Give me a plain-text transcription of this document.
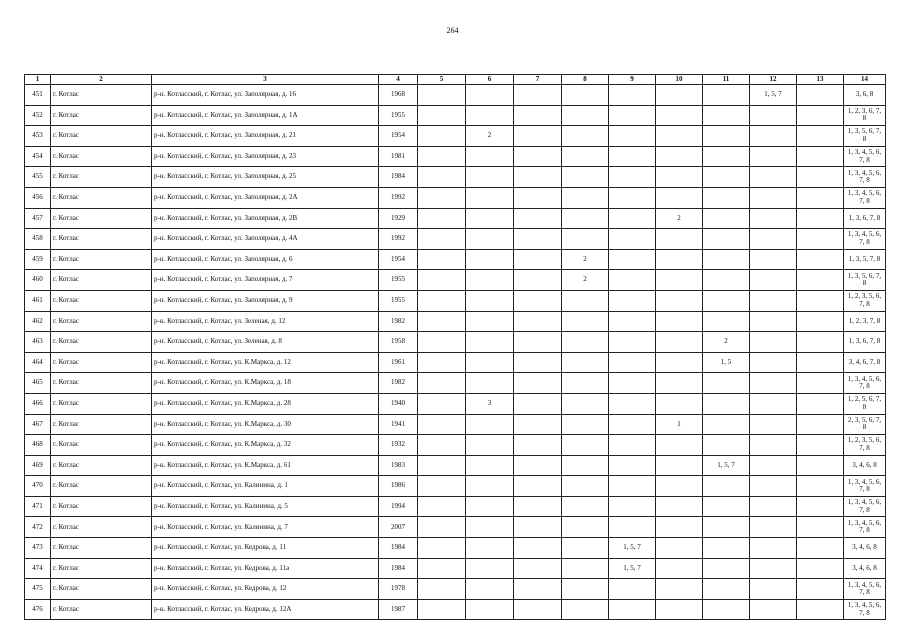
264
1	2	3	4	5	6	7	8	9	10	11	12	13	14
451	г. Котлас	р-н. Котласский, г. Котлас, ул. Заполярная, д. 16	1968								1, 5, 7		3, 6, 8
452	г. Котлас	р-н. Котласский, г. Котлас, ул. Заполярная, д. 1А	1955										1, 2, 3, 6, 7, 8
453	г. Котлас	р-н. Котласский, г. Котлас, ул. Заполярная, д. 21	1954		2								1, 3, 5, 6, 7, 8
454	г. Котлас	р-н. Котласский, г. Котлас, ул. Заполярная, д. 23	1981										1, 3, 4, 5, 6, 7, 8
455	г. Котлас	р-н. Котласский, г. Котлас, ул. Заполярная, д. 25	1984										1, 3, 4, 5, 6, 7, 8
456	г. Котлас	р-н. Котласский, г. Котлас, ул. Заполярная, д. 2А	1992										1, 3, 4, 5, 6, 7, 8
457	г. Котлас	р-н. Котласский, г. Котлас, ул. Заполярная, д. 2В	1929						2				1, 3, 6, 7, 8
458	г. Котлас	р-н. Котласский, г. Котлас, ул. Заполярная, д. 4А	1992										1, 3, 4, 5, 6, 7, 8
459	г. Котлас	р-н. Котласский, г. Котлас, ул. Заполярная, д. 6	1954				2						1, 3, 5, 7, 8
460	г. Котлас	р-н. Котласский, г. Котлас, ул. Заполярная, д. 7	1955				2						1, 3, 5, 6, 7, 8
461	г. Котлас	р-н. Котласский, г. Котлас, ул. Заполярная, д. 9	1955										1, 2, 3, 5, 6, 7, 8
462	г. Котлас	р-н. Котласский, г. Котлас, ул. Зеленая, д. 12	1982										1, 2, 3, 7, 8
463	г. Котлас	р-н. Котласский, г. Котлас, ул. Зеленая, д. 8	1958							2			1, 3, 6, 7, 8
464	г. Котлас	р-н. Котласский, г. Котлас, ул. К.Маркса, д. 12	1961							1, 5			3, 4, 6, 7, 8
465	г. Котлас	р-н. Котласский, г. Котлас, ул. К.Маркса, д. 18	1982										1, 3, 4, 5, 6, 7, 8
466	г. Котлас	р-н. Котласский, г. Котлас, ул. К.Маркса, д. 28	1940		3								1, 2, 5, 6, 7, 8
467	г. Котлас	р-н. Котласский, г. Котлас, ул. К.Маркса, д. 30	1941						1				2, 3, 5, 6, 7, 8
468	г. Котлас	р-н. Котласский, г. Котлас, ул. К.Маркса, д. 32	1932										1, 2, 3, 5, 6, 7, 8
469	г. Котлас	р-н. Котласский, г. Котлас, ул. К.Маркса, д. 61	1983							1, 5, 7			3, 4, 6, 8
470	г. Котлас	р-н. Котласский, г. Котлас, ул. Калинина, д. 1	1986										1, 3, 4, 5, 6, 7, 8
471	г. Котлас	р-н. Котласский, г. Котлас, ул. Калинина, д. 5	1994										1, 3, 4, 5, 6, 7, 8
472	г. Котлас	р-н. Котласский, г. Котлас, ул. Калинина, д. 7	2007										1, 3, 4, 5, 6, 7, 8
473	г. Котлас	р-н. Котласский, г. Котлас, ул. Кедрова, д. 11	1984					1, 5, 7					3, 4, 6, 8
474	г. Котлас	р-н. Котласский, г. Котлас, ул. Кедрова, д. 11а	1984					1, 5, 7					3, 4, 6, 8
475	г. Котлас	р-н. Котласский, г. Котлас, ул. Кедрова, д. 12	1978										1, 3, 4, 5, 6, 7, 8
476	г. Котлас	р-н. Котласский, г. Котлас, ул. Кедрова, д. 12А	1987										1, 3, 4, 5, 6, 7, 8
